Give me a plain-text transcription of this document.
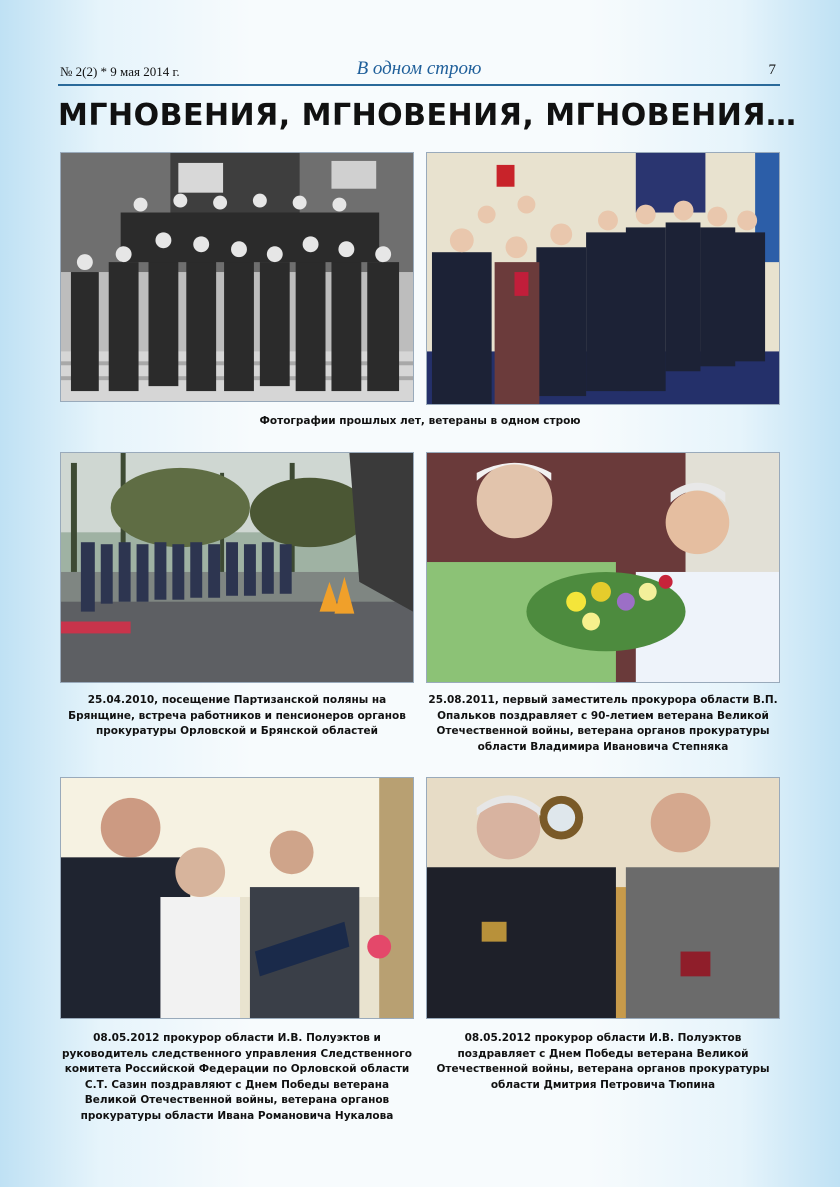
№ 2(2) * 9 мая 2014 г.	В одном строю	7
МГНОВЕНИЯ, МГНОВЕНИЯ, МГНОВЕНИЯ…
Фотографии прошлых лет, ветераны в одном строю
25.04.2010, посещение Партизанской поляны на Брянщине, встреча работников и пенсионеров органов прокуратуры Орловской и Брянской областей
25.08.2011, первый заместитель прокурора области В.П. Опальков поздравляет с 90-летием ветерана Великой Отечественной войны, ветерана органов прокуратуры области Владимира Ивановича Степняка
08.05.2012 прокурор области И.В. Полуэктов и руководитель следственного управления Следственного комитета Российской Федерации по Орловской области С.Т. Сазин поздравляют с Днем Победы ветерана Великой Отечественной войны, ветерана органов прокуратуры области Ивана Романовича Нукалова
08.05.2012 прокурор области И.В. Полуэктов поздравляет с Днем Победы ветерана Великой Отечественной войны, ветерана органов прокуратуры области Дмитрия Петровича Тюпина
